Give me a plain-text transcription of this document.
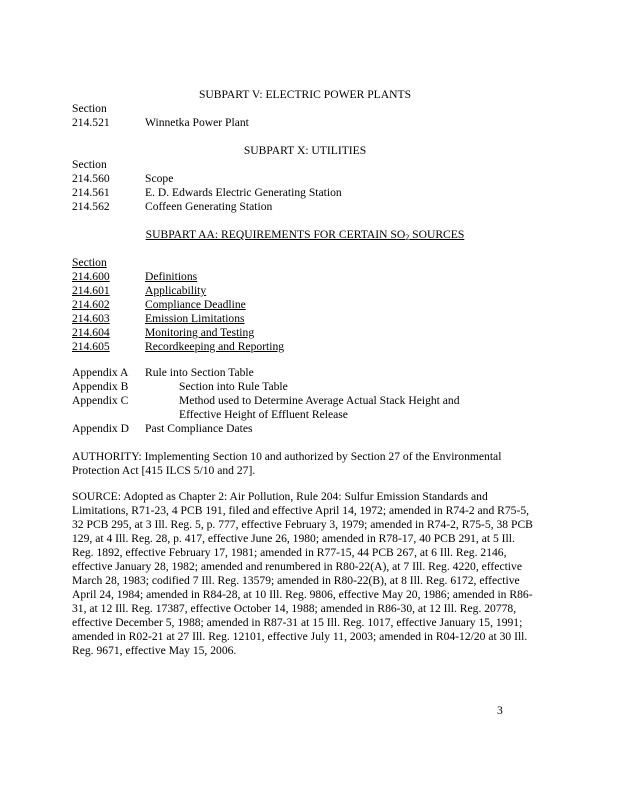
SUBPART V: ELECTRIC POWER PLANTS
Section
214.521	Winnetka Power Plant
SUBPART X: UTILITIES
Section
214.560	Scope
214.561	E. D. Edwards Electric Generating Station
214.562	Coffeen Generating Station
SUBPART AA: REQUIREMENTS FOR CERTAIN $SO_2$ SOURCES
Section
214.600	Definitions
214.601	Applicability
214.602	Compliance Deadline
214.603	Emission Limitations
214.604	Monitoring and Testing
214.605	Recordkeeping and Reporting
Appendix A Rule into Section Table
Appendix B	Section into Rule Table
Appendix C	Method used to Determine Average Actual Stack Height and
Effective Height of Effluent Release
Appendix D Past Compliance Dates
AUTHORITY: Implementing Section 10 and authorized by Section 27 of the Environmental Protection Act [415 ILCS 5/10 and 27].
SOURCE: Adopted as Chapter 2: Air Pollution, Rule 204: Sulfur Emission Standards and Limitations, R71-23, 4 PCB 191, filed and effective April 14, 1972; amended in R74-2 and R75-5, 32 PCB 295, at 3 Ill. Reg. 5, p. 777, effective February 3, 1979; amended in R74-2, R75-5, 38 PCB 129, at 4 Ill. Reg. 28, p. 417, effective June 26, 1980; amended in R78-17, 40 PCB 291, at 5 Ill. Reg. 1892, effective February 17, 1981; amended in R77-15, 44 PCB 267, at 6 Ill. Reg. 2146, effective January 28, 1982; amended and renumbered in R80-22(A), at 7 Ill. Reg. 4220, effective March 28, 1983; codified 7 Ill. Reg. 13579; amended in R80-22(B), at 8 Ill. Reg. 6172, effective April 24, 1984; amended in R84-28, at 10 Ill. Reg. 9806, effective May 20, 1986; amended in R86-31, at 12 Ill. Reg. 17387, effective October 14, 1988; amended in R86-30, at 12 Ill. Reg. 20778, effective December 5, 1988; amended in R87-31 at 15 Ill. Reg. 1017, effective January 15, 1991; amended in R02-21 at 27 Ill. Reg. 12101, effective July 11, 2003; amended in R04-12/20 at 30 Ill. Reg. 9671, effective May 15, 2006.
3
